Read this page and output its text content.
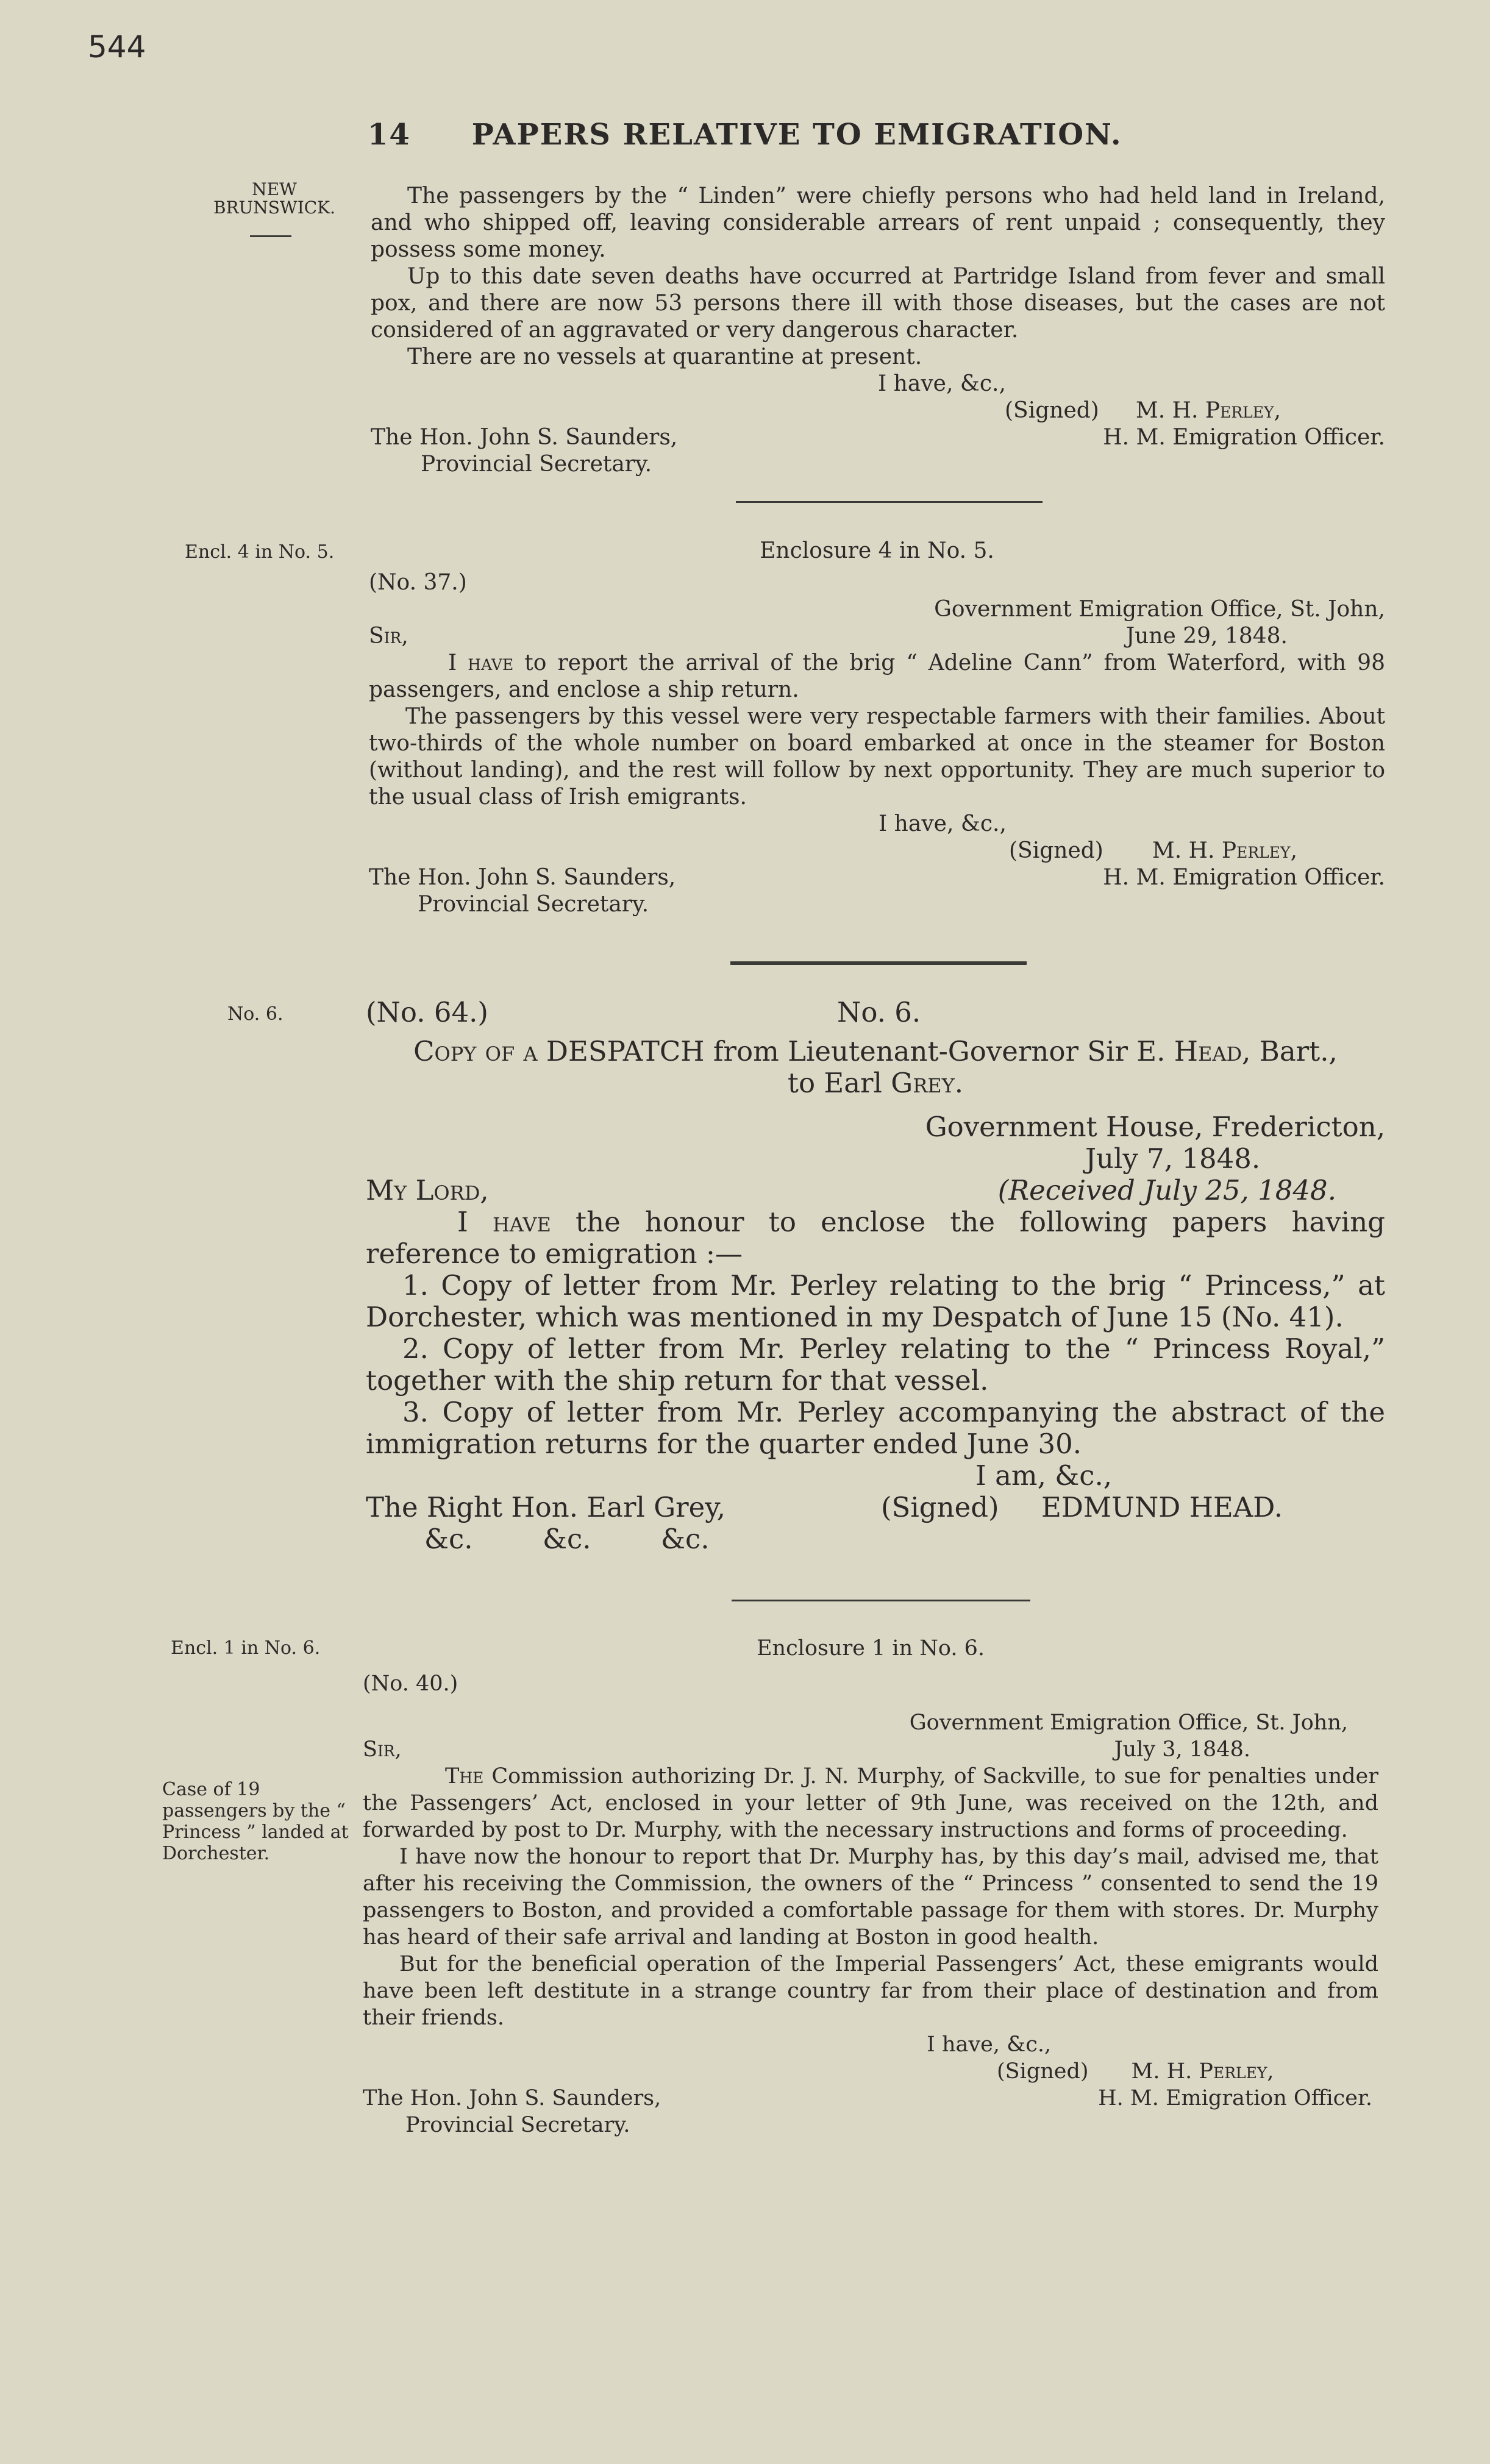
544
14 PAPERS RELATIVE TO EMIGRATION.
NEW BRUNSWICK.
Encl. 4 in No. 5.
No. 6.
Encl. 1 in No. 6.
Case of 19 passengers by the “ Princess ” landed at Dorchester.

The passengers by the “ Linden” were chiefly persons who had held land in Ireland, and who shipped off, leaving considerable arrears of rent unpaid ; consequently, they possess some money.

Up to this date seven deaths have occurred at Partridge Island from fever and small pox, and there are now 53 persons there ill with those diseases, but the cases are not considered of an aggravated or very dangerous character.

There are no vessels at quarantine at present.

I have, &c.,

(Signed) M. H. Perley,

The Hon. John S. Saunders,	H. M. Emigration Officer.

Provincial Secretary.

Enclosure 4 in No. 5.

(No. 37.)

Government Emigration Office, St. John,

Sir,	June 29, 1848.

I have to report the arrival of the brig “ Adeline Cann” from Waterford, with 98 passengers, and enclose a ship return.

The passengers by this vessel were very respectable farmers with their families. About two-thirds of the whole number on board embarked at once in the steamer for Boston (without landing), and the rest will follow by next opportunity. They are much superior to the usual class of Irish emigrants.

I have, &c.,

(Signed) M. H. Perley,

The Hon. John S. Saunders,	H. M. Emigration Officer.

Provincial Secretary.

(No. 64.)	No. 6.

Copy of a DESPATCH from Lieutenant-Governor Sir E. Head, Bart.,

to Earl Grey.

Government House, Fredericton,

July 7, 1848.

My Lord,	(Received July 25, 1848.

I have the honour to enclose the following papers having reference to emigration :—

1. Copy of letter from Mr. Perley relating to the brig “ Princess,” at Dorchester, which was mentioned in my Despatch of June 15 (No. 41).

2. Copy of letter from Mr. Perley relating to the “ Princess Royal,” together with the ship return for that vessel.

3. Copy of letter from Mr. Perley accompanying the abstract of the immigration returns for the quarter ended June 30.

I am, &c.,

The Right Hon. Earl Grey,	(Signed) EDMUND HEAD.

&c.        &c.        &c.

Enclosure 1 in No. 6.

(No. 40.)

Government Emigration Office, St. John,

Sir,	July 3, 1848.

The Commission authorizing Dr. J. N. Murphy, of Sackville, to sue for penalties under the Passengers’ Act, enclosed in your letter of 9th June, was received on the 12th, and forwarded by post to Dr. Murphy, with the necessary instructions and forms of proceeding.

I have now the honour to report that Dr. Murphy has, by this day’s mail, advised me, that after his receiving the Commission, the owners of the “ Princess ” consented to send the 19 passengers to Boston, and provided a comfortable passage for them with stores. Dr. Murphy has heard of their safe arrival and landing at Boston in good health.

But for the beneficial operation of the Imperial Passengers’ Act, these emigrants would have been left destitute in a strange country far from their place of destination and from their friends.

I have, &c.,

(Signed) M. H. Perley,

The Hon. John S. Saunders,	H. M. Emigration Officer.

Provincial Secretary.
